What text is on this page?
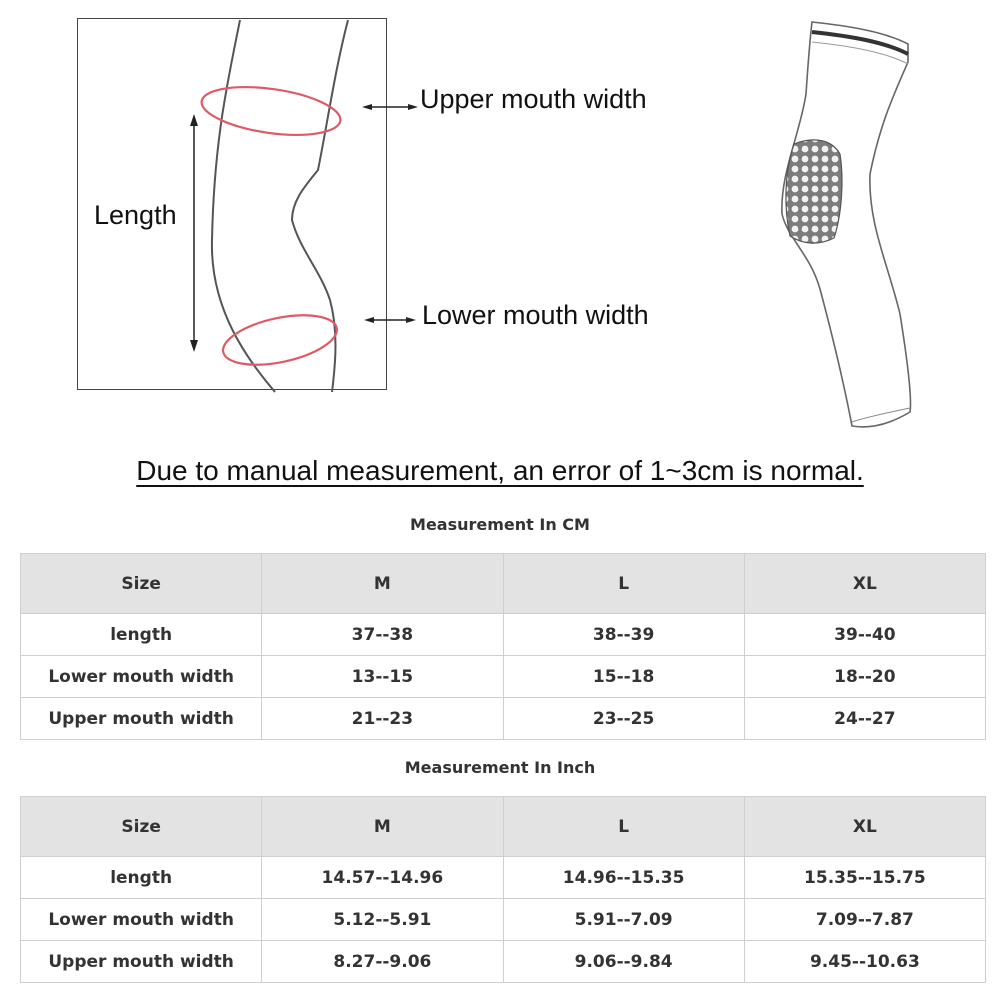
Upper mouth width
Lower mouth width
Length
Due to manual measurement, an error of 1~3cm is normal.
Measurement In CM
Size	M	L	XL
length	37--38	38--39	39--40
Lower mouth width	13--15	15--18	18--20
Upper mouth width	21--23	23--25	24--27
Measurement In Inch
Size	M	L	XL
length	14.57--14.96	14.96--15.35	15.35--15.75
Lower mouth width	5.12--5.91	5.91--7.09	7.09--7.87
Upper mouth width	8.27--9.06	9.06--9.84	9.45--10.63
